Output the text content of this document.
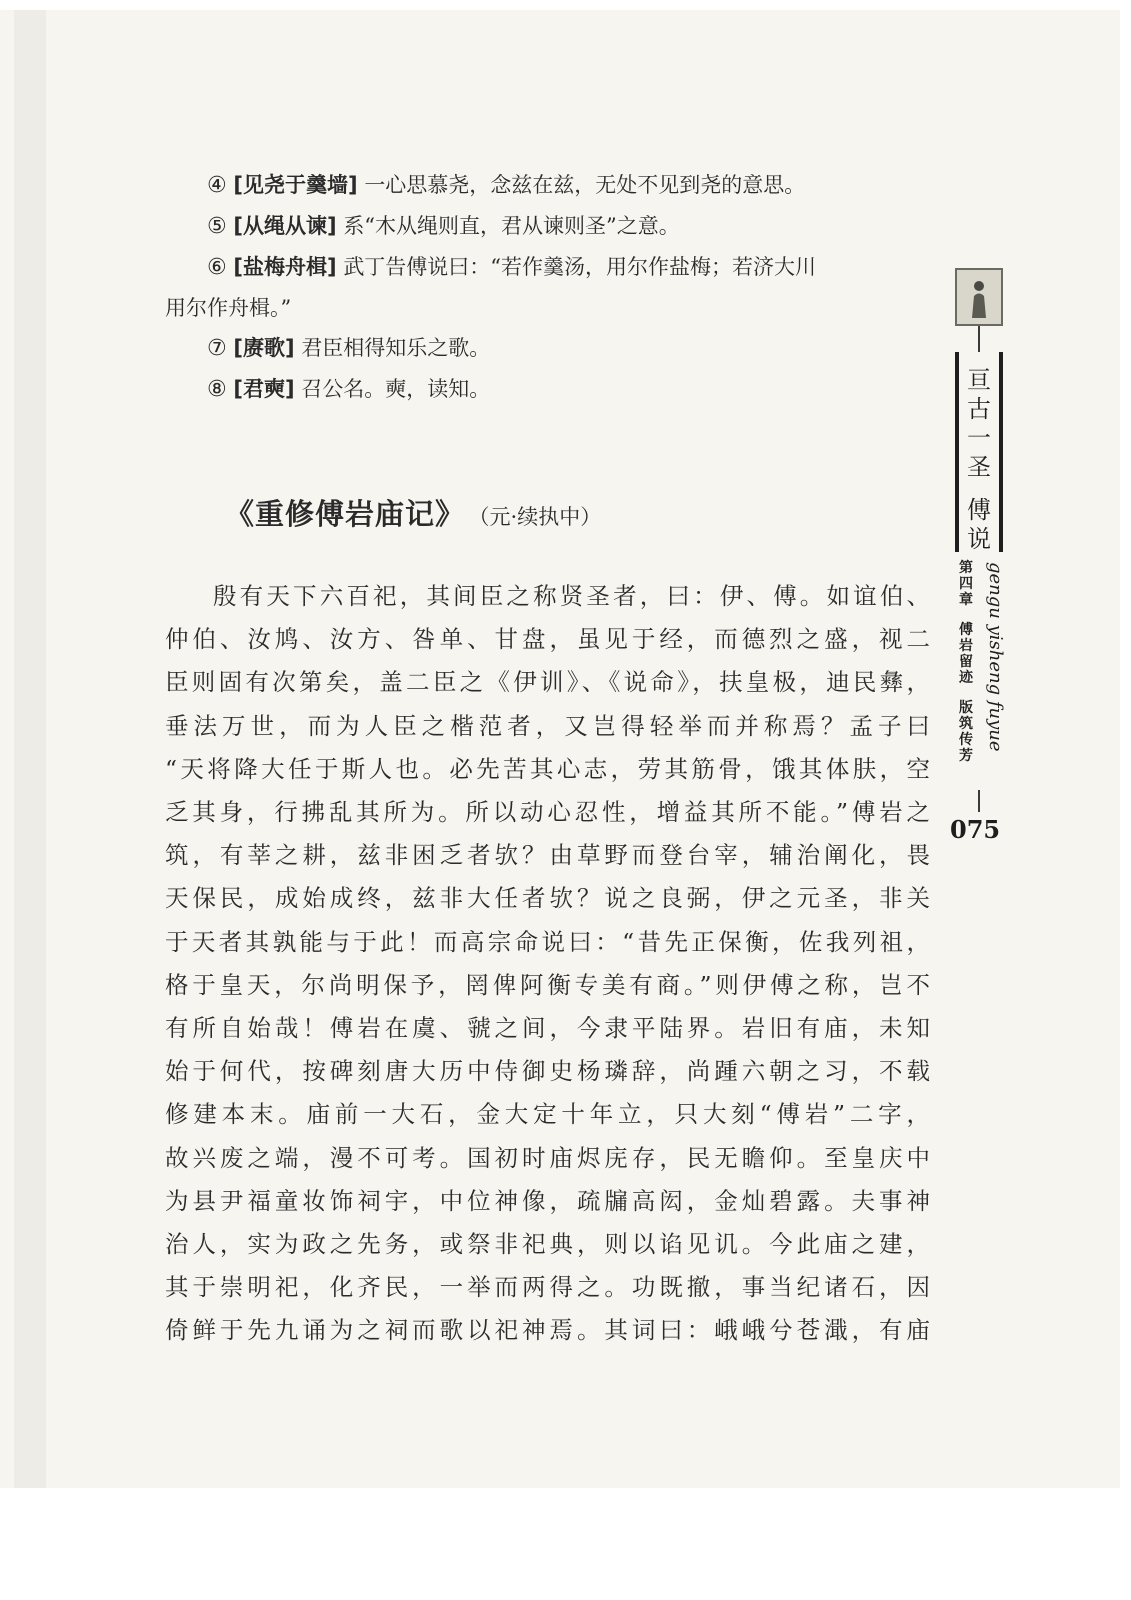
④ [见尧于羹墙] 一心思慕尧，念兹在兹，无处不见到尧的意思。
⑤ [从绳从谏] 系“木从绳则直，君从谏则圣”之意。
⑥ [盐梅舟楫] 武丁告傅说曰：“若作羹汤，用尔作盐梅；若济大川
用尔作舟楫。”
⑦ [赓歌] 君臣相得知乐之歌。
⑧ [君奭] 召公名。奭，读知。
《重修傅岩庙记》 （元·续执中）
殷有天下六百祀，其间臣之称贤圣者，曰：伊、傅。如谊伯、
仲伯、汝鸠、汝方、咎单、甘盘，虽见于经，而德烈之盛，视二
臣则固有次第矣，盖二臣之《伊训》、《说命》，扶皇极，迪民彝，
垂法万世，而为人臣之楷范者，又岂得轻举而并称焉？孟子曰
“天将降大任于斯人也。必先苦其心志，劳其筋骨，饿其体肤，空
乏其身，行拂乱其所为。所以动心忍性，增益其所不能。”傅岩之
筑，有莘之耕，兹非困乏者欤？由草野而登台宰，辅治阐化，畏
天保民，成始成终，兹非大任者欤？说之良弼，伊之元圣，非关
于天者其孰能与于此！而高宗命说曰：“昔先正保衡，佐我列祖，
格于皇天，尔尚明保予，罔俾阿衡专美有商。”则伊傅之称，岂不
有所自始哉！傅岩在虞、虢之间，今隶平陆界。岩旧有庙，未知
始于何代，按碑刻唐大历中侍御史杨璘辞，尚踵六朝之习，不载
修建本末。庙前一大石，金大定十年立，只大刻“傅岩”二字，
故兴废之端，漫不可考。国初时庙烬庑存，民无瞻仰。至皇庆中
为县尹福童妆饰祠宇，中位神像，疏牖高闳，金灿碧露。夫事神
治人，实为政之先务，或祭非祀典，则以谄见讥。今此庙之建，
其于崇明祀，化齐民，一举而两得之。功既撤，事当纪诸石，因
倚鲜于先九诵为之祠而歌以祀神焉。其词曰：峨峨兮苍濈，有庙
亘
古
一
圣
傅
说
第
四
章
傅
岩
留
迹
版
筑
传
芳
gengu yisheng fuyue
075
